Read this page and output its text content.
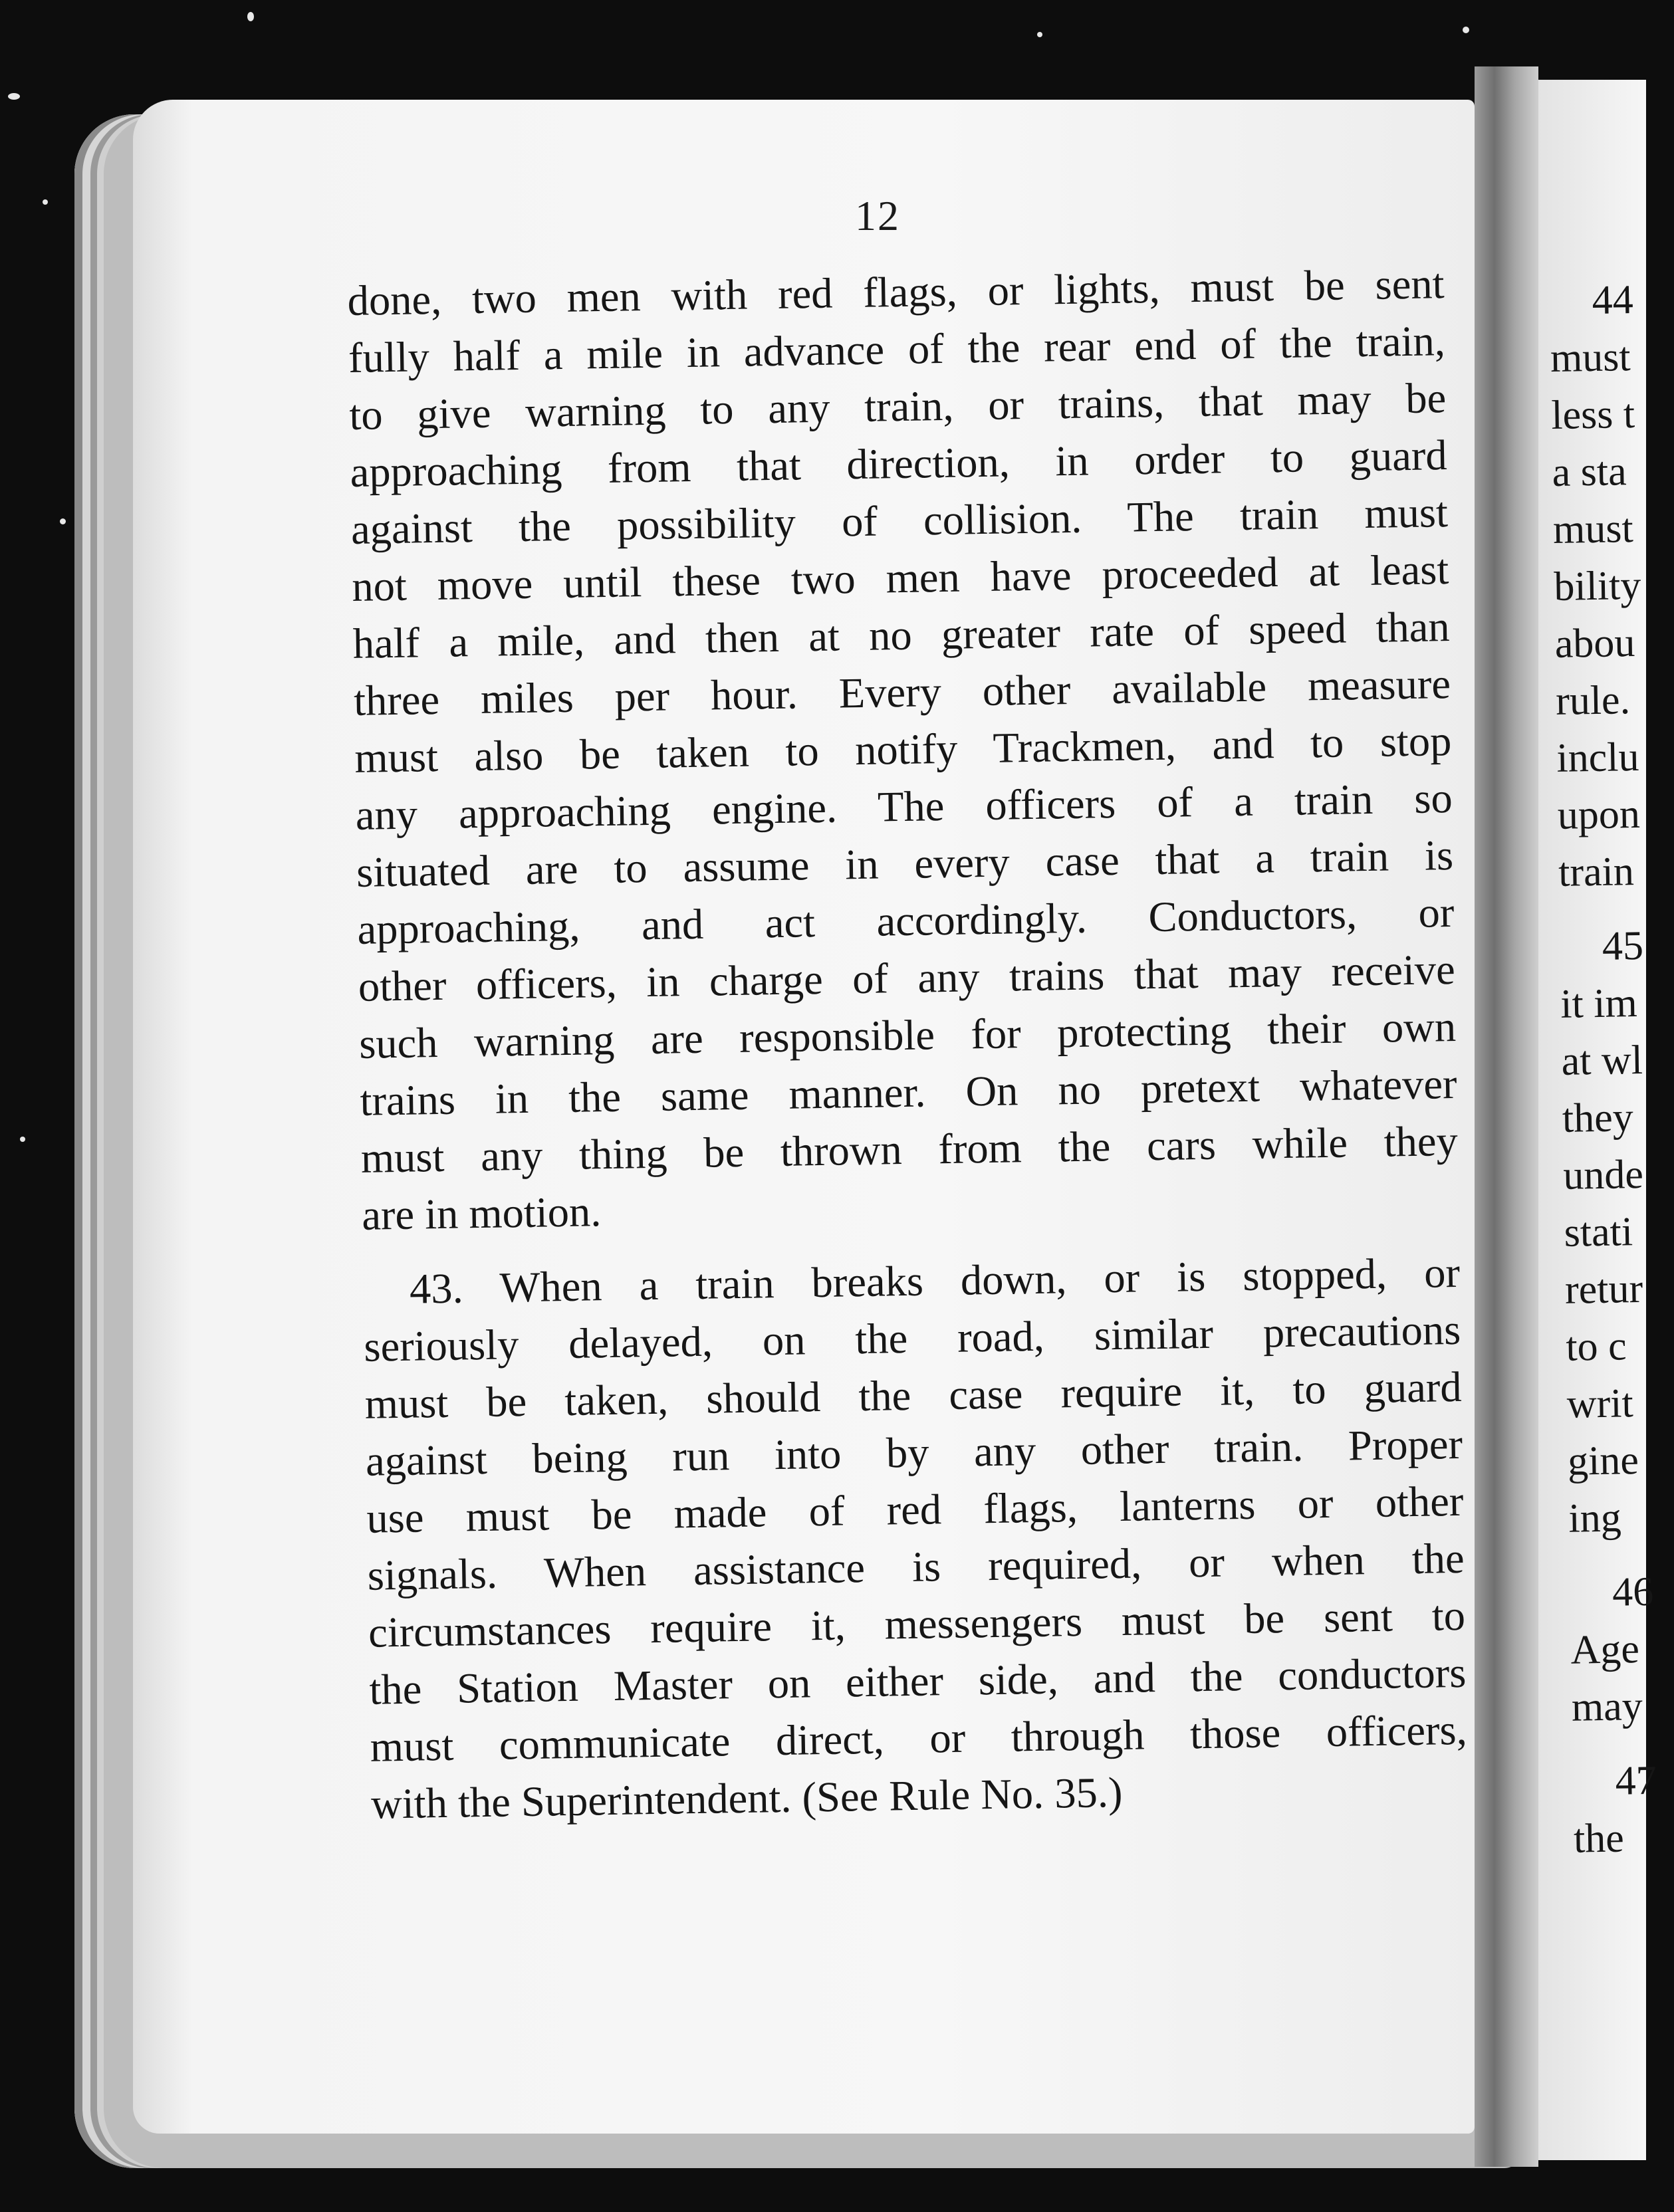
12
done, two men with red flags, or lights, must be sent
fully half a mile in advance of the rear end of the train,
to give warning to any train, or trains, that may be
approaching from that direction, in order to guard
against the possibility of collision. The train must
not move until these two men have proceeded at least
half a mile, and then at no greater rate of speed than
three miles per hour. Every other available measure
must also be taken to notify Trackmen, and to stop
any approaching engine. The officers of a train so
situated are to assume in every case that a train is
approaching, and act accordingly. Conductors, or
other officers, in charge of any trains that may receive
such warning are responsible for protecting their own
trains in the same manner. On no pretext whatever
must any thing be thrown from the cars while they
are in motion.
43. When a train breaks down, or is stopped, or
seriously delayed, on the road, similar precautions
must be taken, should the case require it, to guard
against being run into by any other train. Proper
use must be made of red flags, lanterns or other
signals. When assistance is required, or when the
circumstances require it, messengers must be sent to
the Station Master on either side, and the conductors
must communicate direct, or through those officers,
with the Superintendent. (See Rule No. 35.)
44
must
less t
a sta
must
bility
abou
rule.
inclu
upon
train
45
it im
at wl
they
unde
stati
retur
to c
writ
gine
ing
46
Age
may
47
the
